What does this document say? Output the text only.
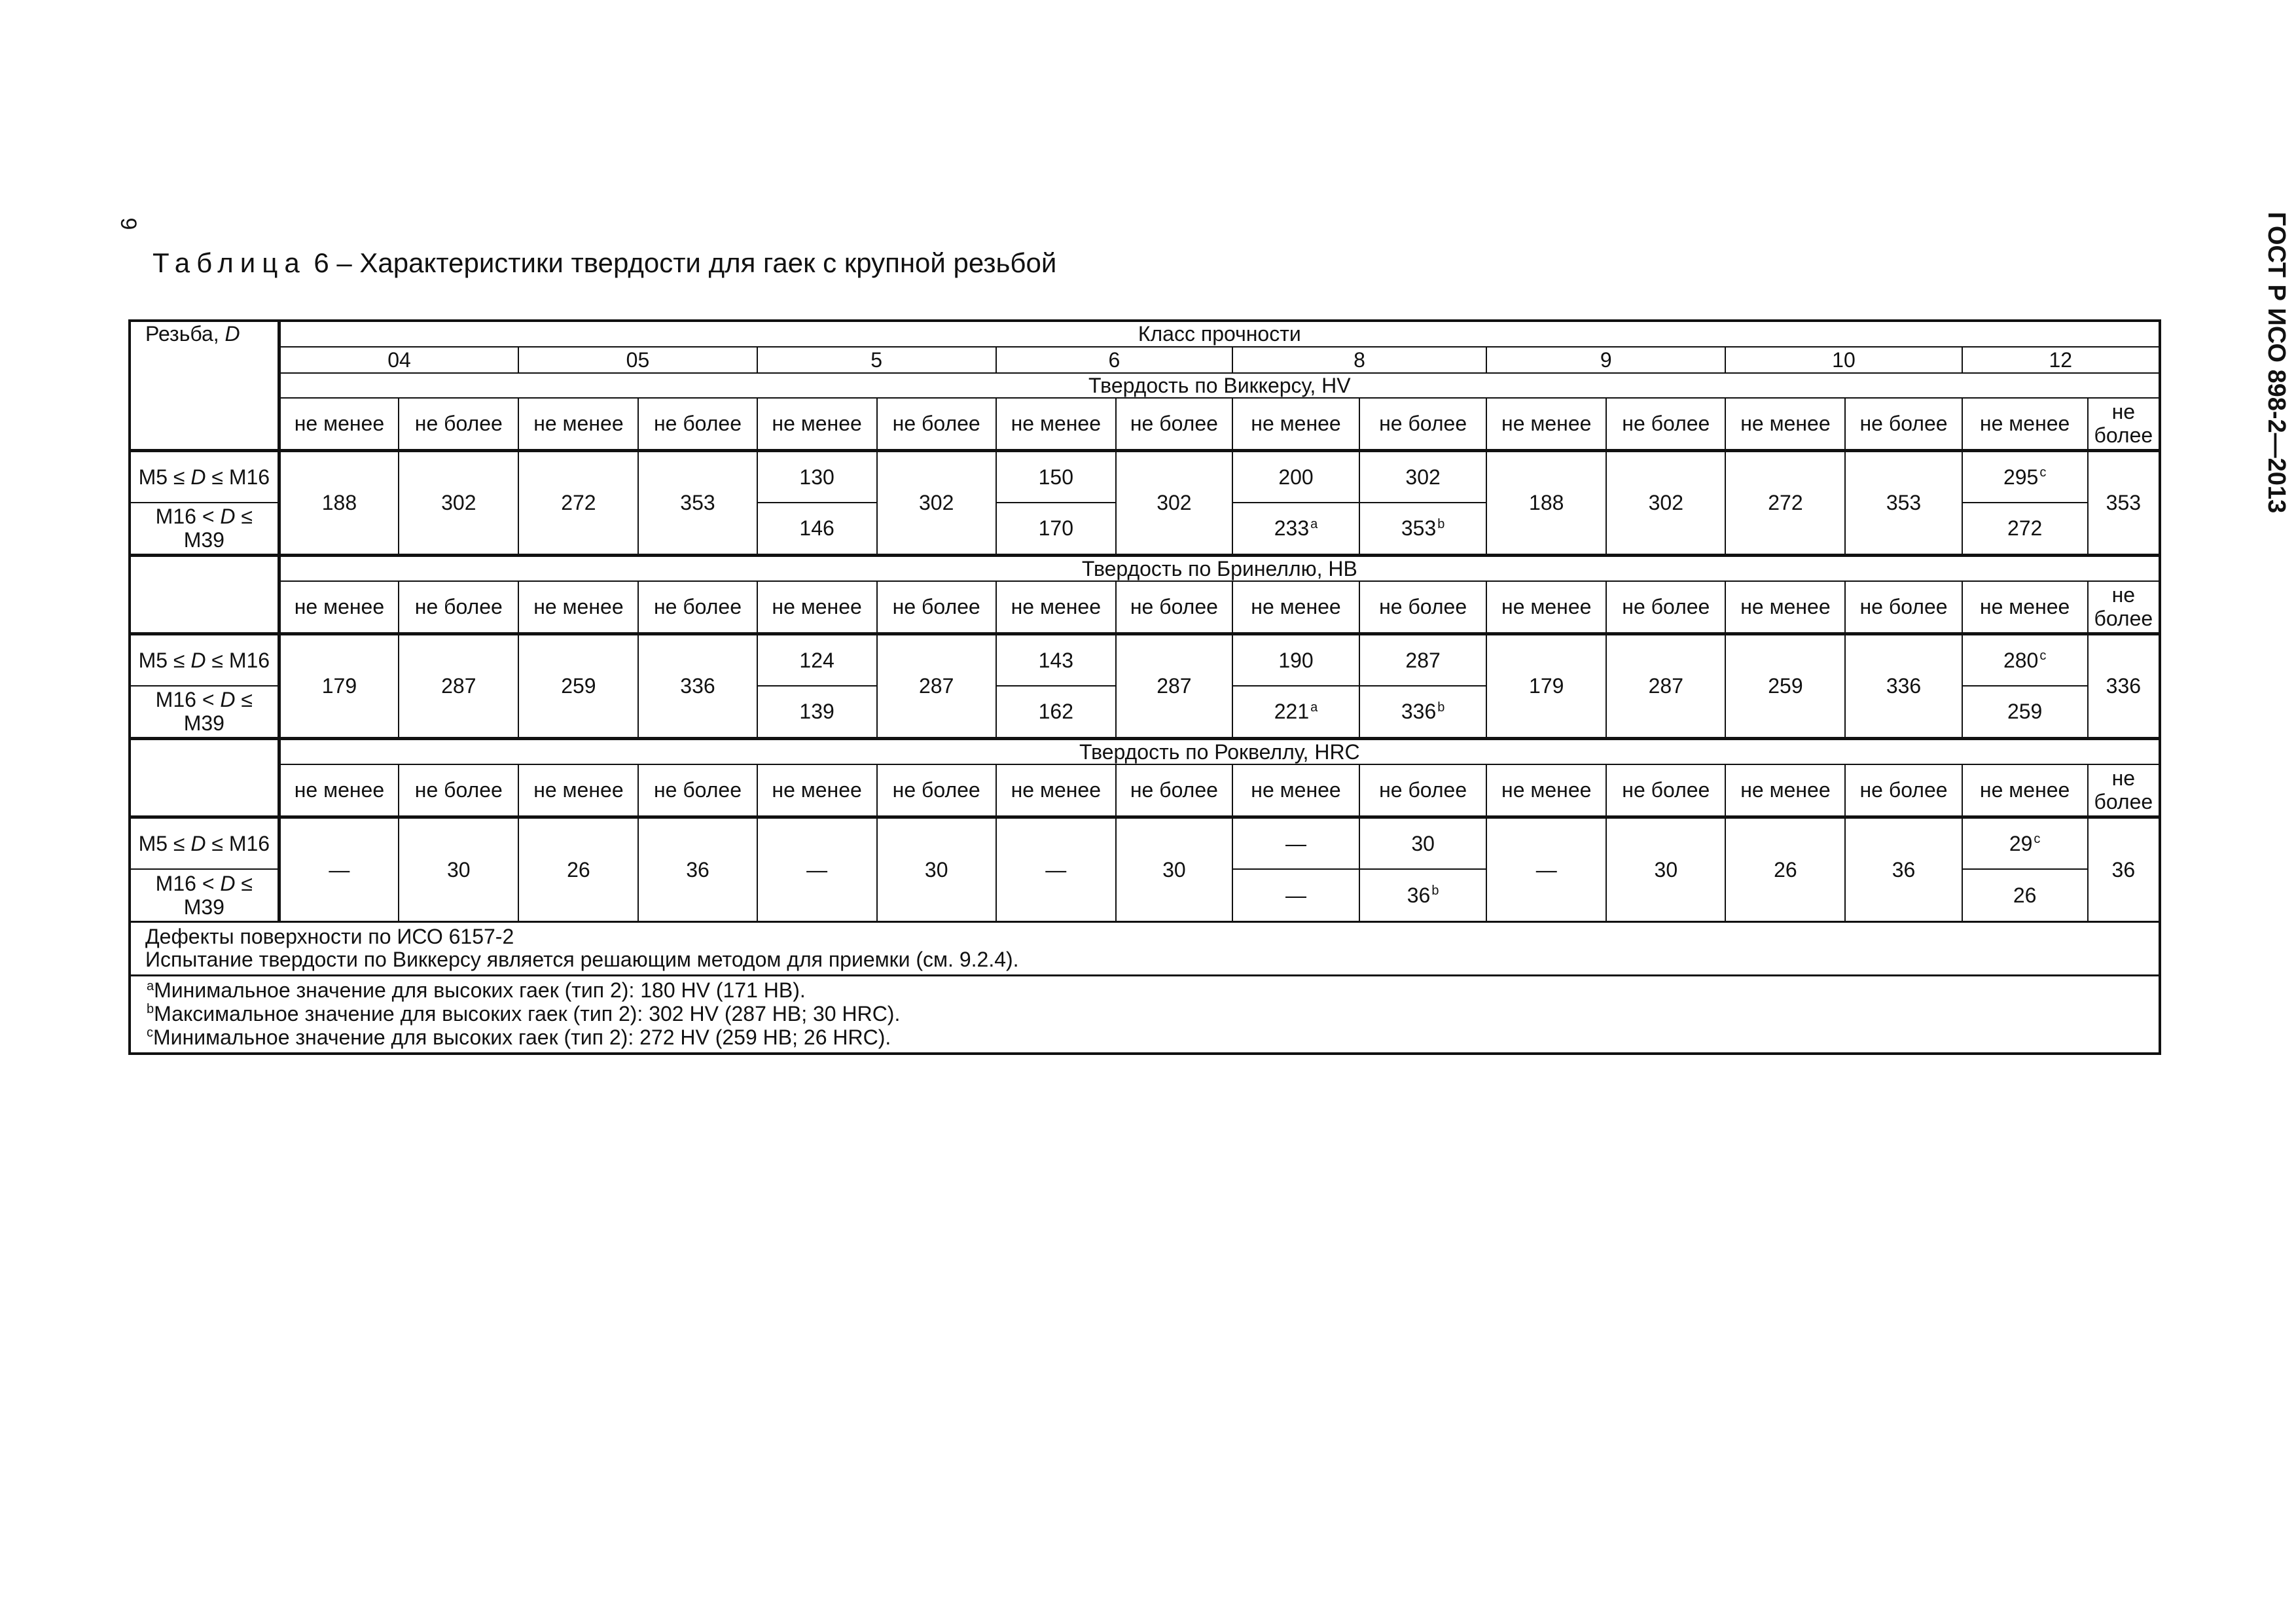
9	ГОСТ Р ИСО 898-2—2013
Таблица 6 – Характеристики твердости для гаек с крупной резьбой
Резьба, D	Класс прочности															
	04		05		5		6		8		9		10		12	
	Твердость по Виккерсу, HV															
	не менее	не более	не менее	не более	не менее	не более	не менее	не более	не менее	не более	не менее	не более	не менее	не более	не менее	не более
M5 ≤ D ≤ M16	188	302	272	353	130	302	150	302	200	302	188	302	272	353	295 $^c$	353
M16 < D ≤ M39					146		170		233 $^a$	353 $^b$					272	
	Твердость по Бринеллю, HB															
	не менее	не более	не менее	не более	не менее	не более	не менее	не более	не менее	не более	не менее	не более	не менее	не более	не менее	не более
M5 ≤ D ≤ M16	179	287	259	336	124	287	143	287	190	287	179	287	259	336	280 $^c$	336
M16 < D ≤ M39					139		162		221 $^a$	336 $^b$					259	
	Твердость по Роквеллу, HRC															
	не менее	не более	не менее	не более	не менее	не более	не менее	не более	не менее	не более	не менее	не более	не менее	не более	не менее	не более
M5 ≤ D ≤ M16	—	30	26	36	—	30	—	30	—	30	—	30	26	36	29 $^c$	36
M16 < D ≤ M39									—	36 $^b$					26	

Дефекты поверхности по ИСО 6157-2
Испытание твердости по Виккерсу является решающим методом для приемки (см. 9.2.4).																

$^a$Минимальное значение для высоких гаек (тип 2): 180 HV (171 HB).
$^b$Максимальное значение для высоких гаек (тип 2): 302 HV (287 HB; 30 HRC).
$^c$Минимальное значение для высоких гаек (тип 2): 272 HV (259 HB; 26 HRC).																
